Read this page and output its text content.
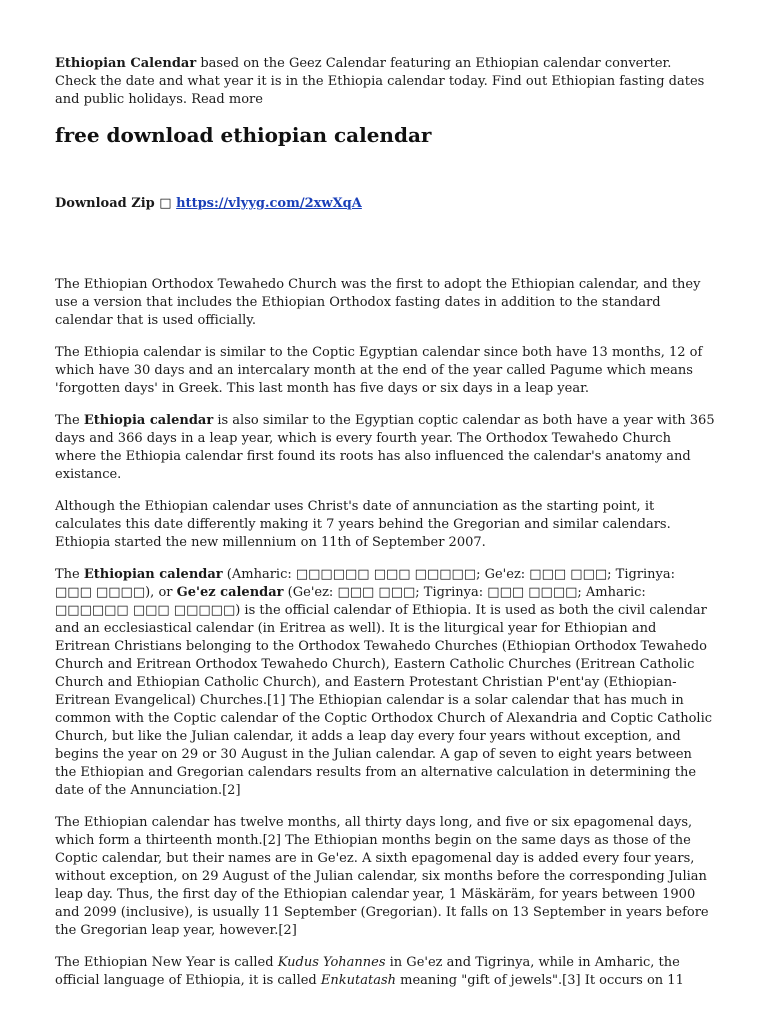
Ethiopian Calendar based on the Geez Calendar featuring an Ethiopian calendar converter. Check the date and what year it is in the Ethiopia calendar today. Find out Ethiopian fasting dates and public holidays. Read more

free download ethiopian calendar

Download Zip □ https://vlyyg.com/2xwXqA

The Ethiopian Orthodox Tewahedo Church was the first to adopt the Ethiopian calendar, and they use a version that includes the Ethiopian Orthodox fasting dates in addition to the standard calendar that is used officially.

The Ethiopia calendar is similar to the Coptic Egyptian calendar since both have 13 months, 12 of which have 30 days and an intercalary month at the end of the year called Pagume which means 'forgotten days' in Greek. This last month has five days or six days in a leap year.

The Ethiopia calendar is also similar to the Egyptian coptic calendar as both have a year with 365 days and 366 days in a leap year, which is every fourth year. The Orthodox Tewahedo Church where the Ethiopia calendar first found its roots has also influenced the calendar's anatomy and existance.

Although the Ethiopian calendar uses Christ's date of annunciation as the starting point, it calculates this date differently making it 7 years behind the Gregorian and similar calendars. Ethiopia started the new millennium on 11th of September 2007.

The Ethiopian calendar (Amharic: □□□□□□ □□□ □□□□□; Ge'ez: □□□ □□□; Tigrinya: □□□ □□□□), or Ge'ez calendar (Ge'ez: □□□ □□□; Tigrinya: □□□ □□□□; Amharic: □□□□□□ □□□ □□□□□) is the official calendar of Ethiopia. It is used as both the civil calendar and an ecclesiastical calendar (in Eritrea as well). It is the liturgical year for Ethiopian and Eritrean Christians belonging to the Orthodox Tewahedo Churches (Ethiopian Orthodox Tewahedo Church and Eritrean Orthodox Tewahedo Church), Eastern Catholic Churches (Eritrean Catholic Church and Ethiopian Catholic Church), and Eastern Protestant Christian P'ent'ay (Ethiopian-Eritrean Evangelical) Churches.[1] The Ethiopian calendar is a solar calendar that has much in common with the Coptic calendar of the Coptic Orthodox Church of Alexandria and Coptic Catholic Church, but like the Julian calendar, it adds a leap day every four years without exception, and begins the year on 29 or 30 August in the Julian calendar. A gap of seven to eight years between the Ethiopian and Gregorian calendars results from an alternative calculation in determining the date of the Annunciation.[2]

The Ethiopian calendar has twelve months, all thirty days long, and five or six epagomenal days, which form a thirteenth month.[2] The Ethiopian months begin on the same days as those of the Coptic calendar, but their names are in Ge'ez. A sixth epagomenal day is added every four years, without exception, on 29 August of the Julian calendar, six months before the corresponding Julian leap day. Thus, the first day of the Ethiopian calendar year, 1 Mäskäräm, for years between 1900 and 2099 (inclusive), is usually 11 September (Gregorian). It falls on 13 September in years before the Gregorian leap year, however.[2]

The Ethiopian New Year is called Kudus Yohannes in Ge'ez and Tigrinya, while in Amharic, the official language of Ethiopia, it is called Enkutatash meaning "gift of jewels".[3] It occurs on 11
